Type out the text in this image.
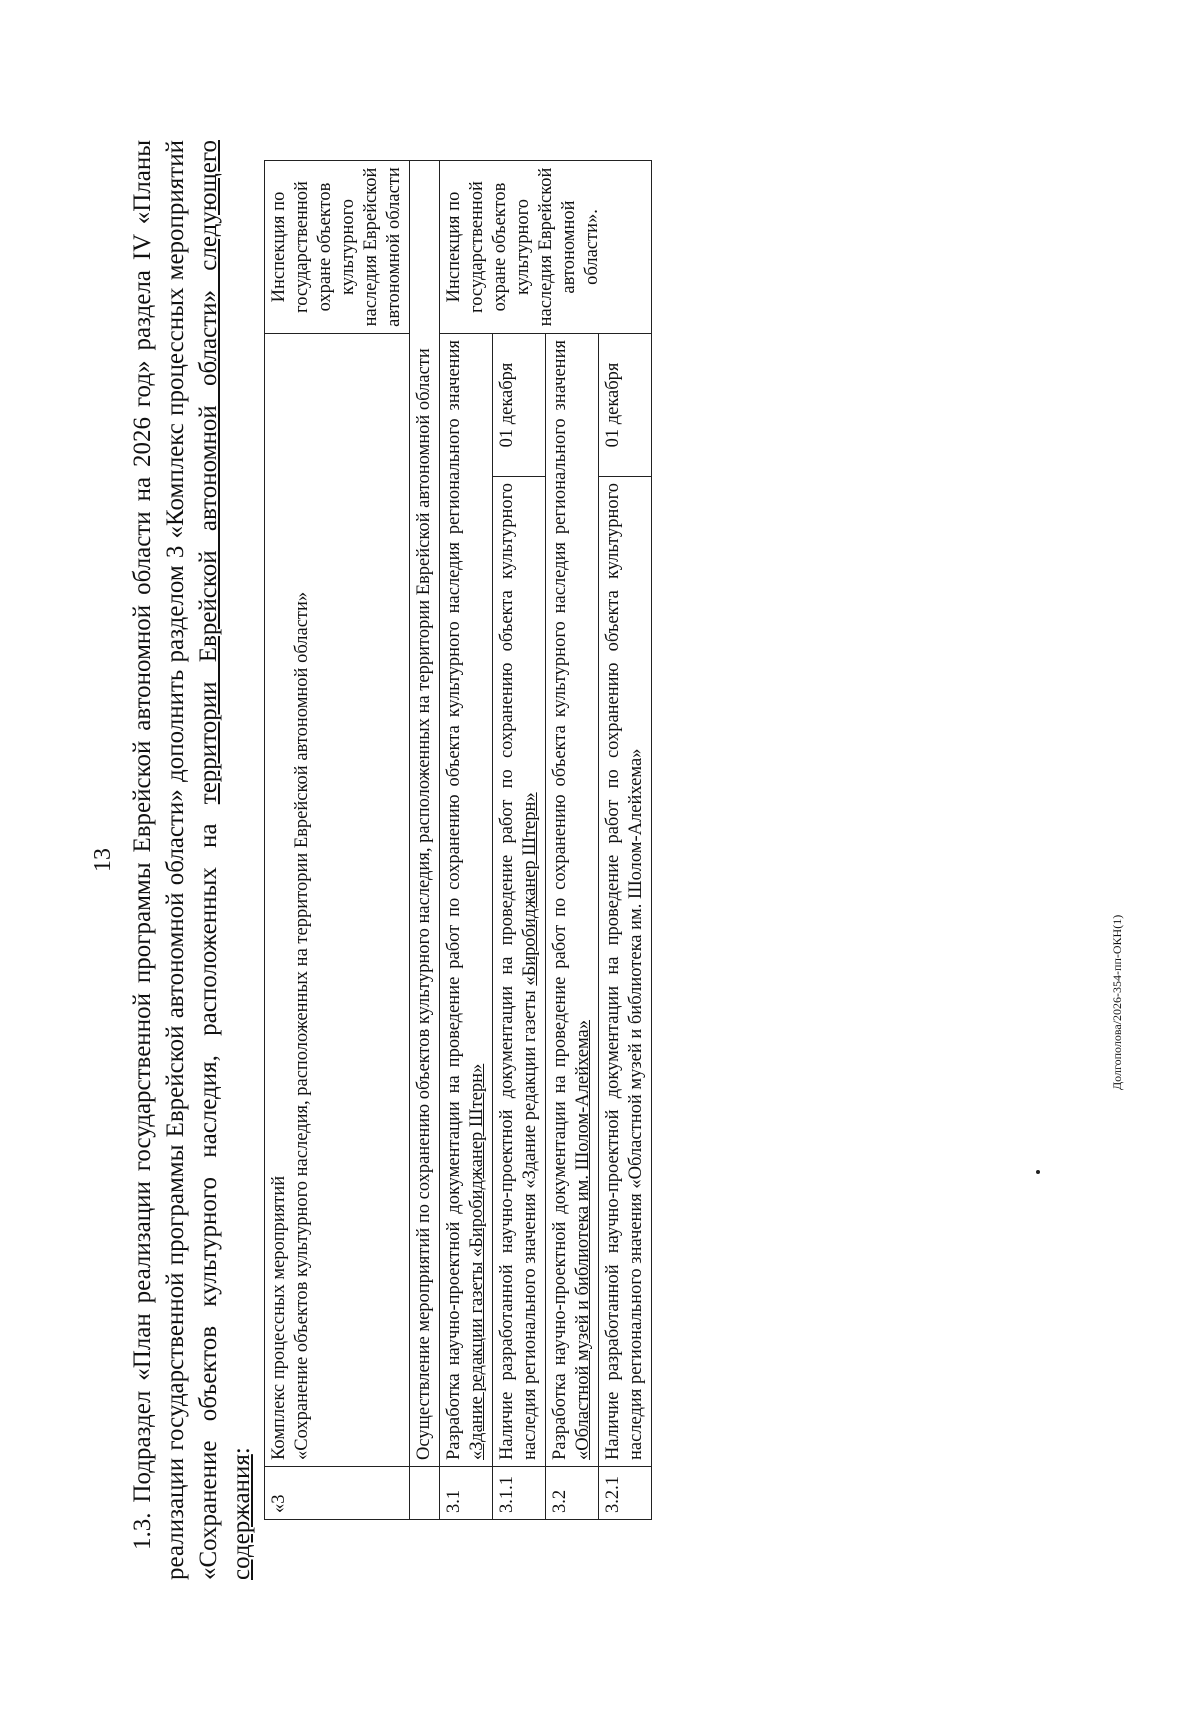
13 1.3. Подраздел «План реализации государственной программы Еврейской автономной области на 2026 год» раздела IV «Планы реализации государственной программы Еврейской автономной области» дополнить разделом 3 «Комплекс процессных мероприятий «Сохранение объектов культурного наследия, расположенных на территории Еврейской автономной области» следующего содержания:

«3	Комплекс процессных мероприятий «Сохранение объектов культурного наследия, расположенных на территории Еврейской автономной области»		Инспекция по государственной охране объектов культурного наследия Еврейской автономной области
	Осуществление мероприятий по сохранению объектов культурного наследия, расположенных на территории Еврейской автономной области		
3.1	Разработка научно-проектной документации на проведение работ по сохранению объекта культурного наследия регионального значения «Здание редакции газеты «Биробиджанер Штерн»		Инспекция по государственной охране объектов культурного наследия Еврейской автономной области».
3.1.1	Наличие разработанной научно-проектной документации на проведение работ по сохранению объекта культурного наследия регионального значения «Здание редакции газеты «Биробиджанер Штерн»	01 декабря	
3.2	Разработка научно-проектной документации на проведение работ по сохранению объекта культурного наследия регионального значения «Областной музей и библиотека им. Шолом-Алейхема»		
3.2.1	Наличие разработанной научно-проектной документации на проведение работ по сохранению объекта культурного наследия регионального значения «Областной музей и библиотека им. Шолом-Алейхема»	01 декабря	
Долгополова/2026-354-пп-ОКН(1)
